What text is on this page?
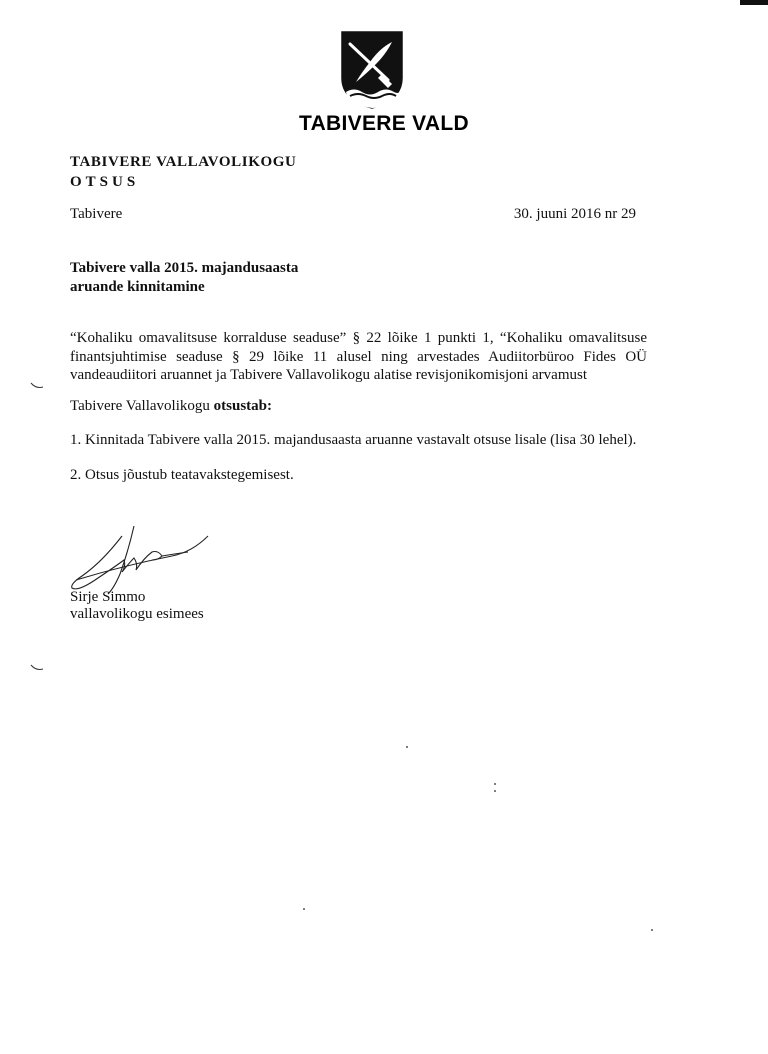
TABIVERE VALD
TABIVERE VALLAVOLIKOGU
OTSUS
Tabivere	30. juuni 2016 nr 29
Tabivere valla 2015. majandusaasta
aruande kinnitamine
“Kohaliku omavalitsuse korralduse seaduse” § 22 lõike 1 punkti 1, “Kohaliku omavalitsuse finantsjuhtimise seaduse § 29 lõike 11 alusel ning arvestades Audiitorbüroo Fides OÜ vandeaudiitori aruannet ja Tabivere Vallavolikogu alatise revisjonikomisjoni arvamust
Tabivere Vallavolikogu otsustab:
1. Kinnitada Tabivere valla 2015. majandusaasta aruanne vastavalt otsuse lisale (lisa 30 lehel).
2. Otsus jõustub teatavakstegemisest.
Sirje Simmo
vallavolikogu esimees
